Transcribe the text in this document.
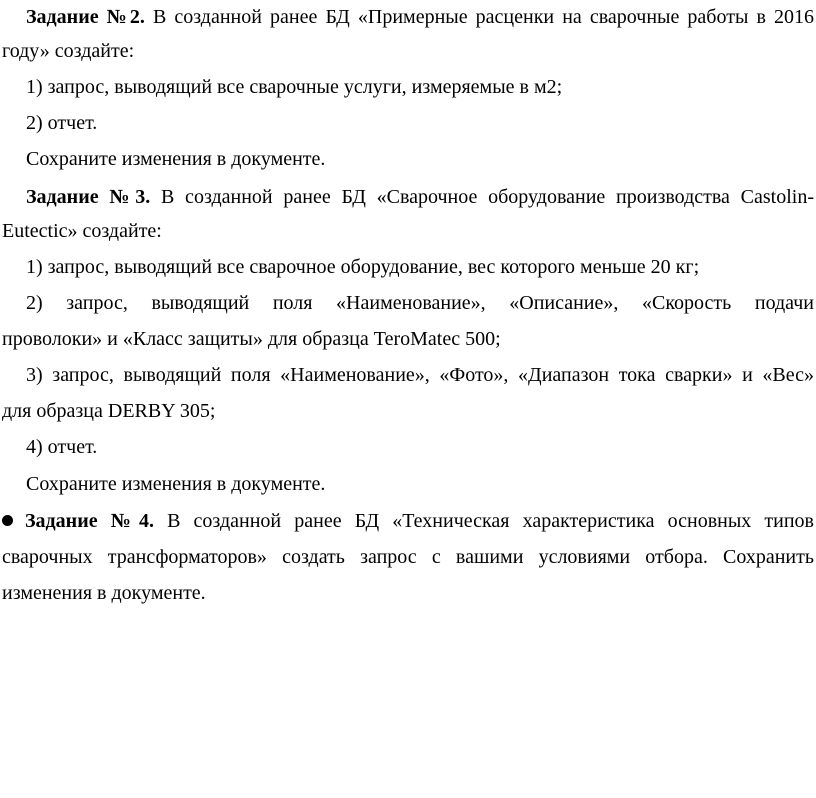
Задание №2. В созданной ранее БД «Примерные расценки на сварочные работы в 2016
году» создайте:
1) запрос, выводящий все сварочные услуги, измеряемые в м2;
2) отчет.
Сохраните изменения в документе.
Задание №3. В созданной ранее БД «Сварочное оборудование производства Castolin-
Eutectic» создайте:
1) запрос, выводящий все сварочное оборудование, вес которого меньше 20 кг;
2) запрос, выводящий поля «Наименование», «Описание», «Скорость подачи
проволоки» и «Класс защиты» для образца TeroMatec 500;
3) запрос, выводящий поля «Наименование», «Фото», «Диапазон тока сварки» и «Вес»
для образца DERBY 305;
4) отчет.
Сохраните изменения в документе.
Задание №4. В созданной ранее БД «Техническая характеристика основных типов
сварочных трансформаторов» создать запрос с вашими условиями отбора. Сохранить
изменения в документе.
